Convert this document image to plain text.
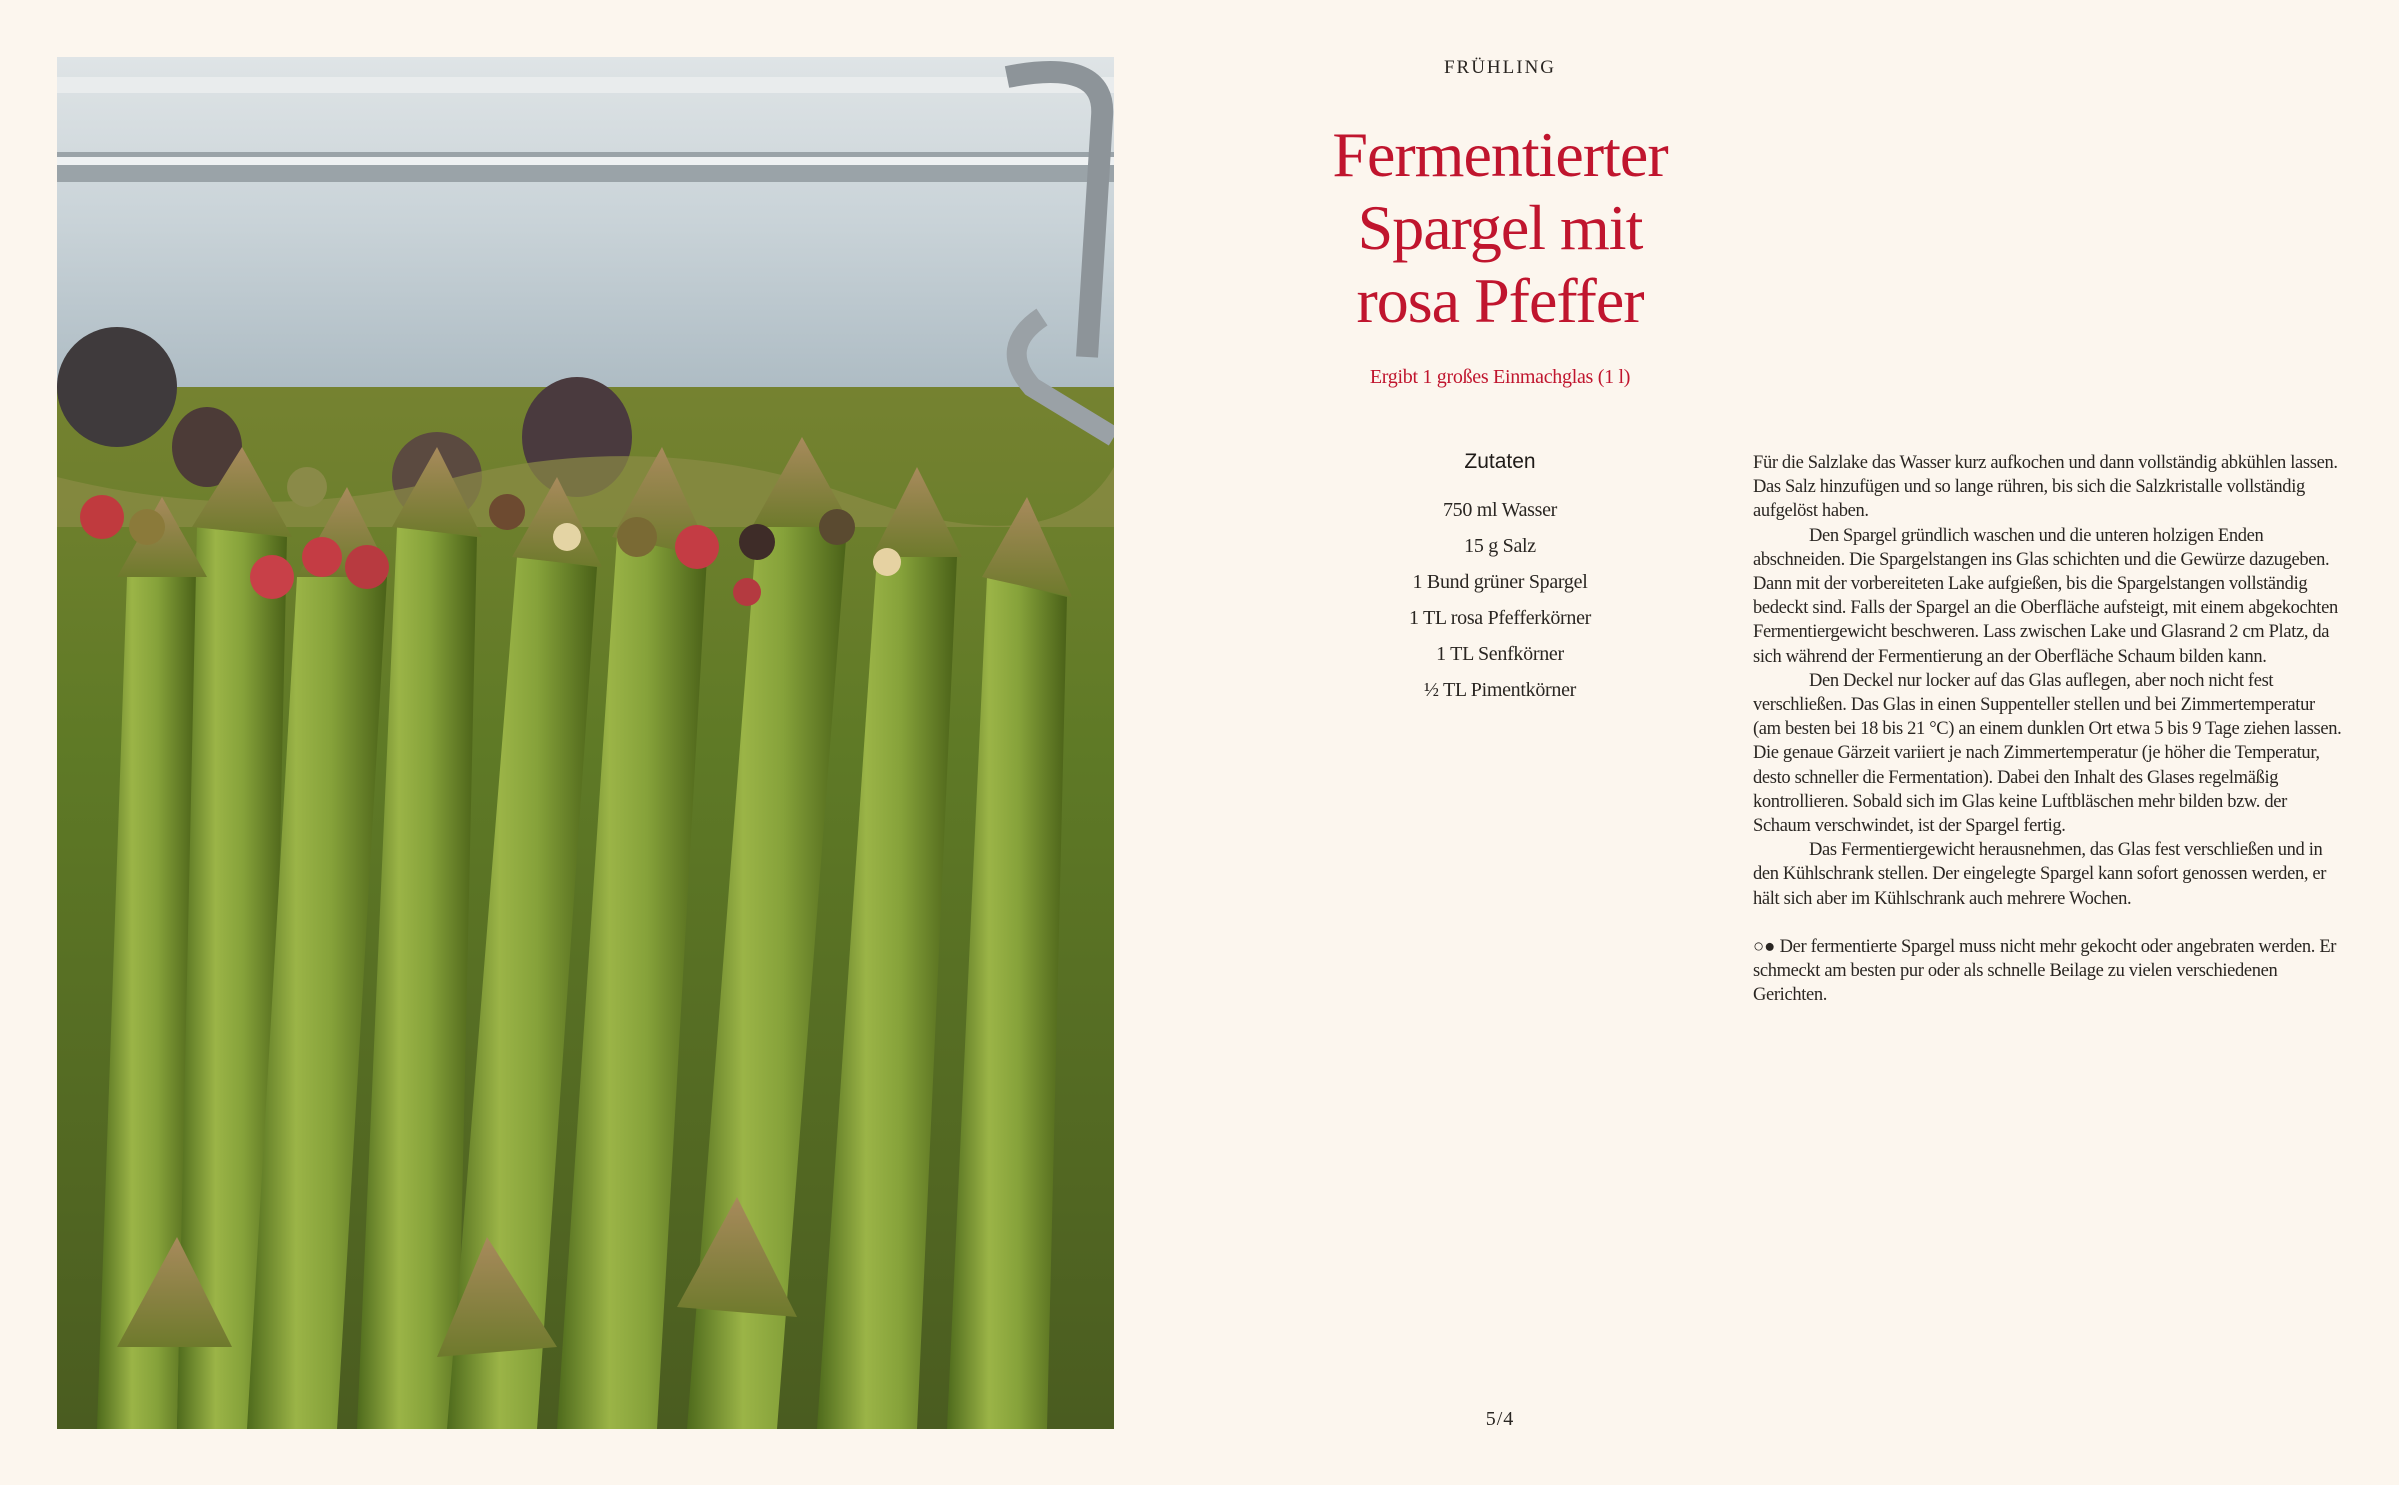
FRÜHLING
Fermentierter
Spargel mit
rosa Pfeffer
Ergibt 1 großes Einmachglas (1 l)
Zutaten
750 ml Wasser
15 g Salz
1 Bund grüner Spargel
1 TL rosa Pfefferkörner
1 TL Senfkörner
½ TL Pimentkörner

Für die Salzlake das Wasser kurz aufkochen und dann vollständig abkühlen lassen. Das Salz hinzufügen und so lange rühren, bis sich die Salzkristalle vollständig aufgelöst haben.

Den Spargel gründlich waschen und die unteren holzigen Enden abschneiden. Die Spargelstangen ins Glas schichten und die Gewürze dazugeben. Dann mit der vorbereiteten Lake aufgießen, bis die Spargelstangen vollständig bedeckt sind. Falls der Spargel an die Oberfläche aufsteigt, mit einem abgekochten Fermentiergewicht beschweren. Lass zwischen Lake und Glasrand 2 cm Platz, da sich während der Fermentierung an der Oberfläche Schaum bilden kann.

Den Deckel nur locker auf das Glas auflegen, aber noch nicht fest verschließen. Das Glas in einen Suppenteller stellen und bei Zimmertemperatur (am besten bei 18 bis 21 °C) an einem dunklen Ort etwa 5 bis 9 Tage ziehen lassen. Die genaue Gärzeit variiert je nach Zimmertemperatur (je höher die Temperatur, desto schneller die Fermentation). Dabei den Inhalt des Glases regelmäßig kontrollieren. Sobald sich im Glas keine Luftbläschen mehr bilden bzw. der Schaum verschwindet, ist der Spargel fertig.

Das Fermentiergewicht herausnehmen, das Glas fest verschließen und in den Kühlschrank stellen. Der eingelegte Spargel kann sofort genossen werden, er hält sich aber im Kühlschrank auch mehrere Wochen.

○● Der fermentierte Spargel muss nicht mehr gekocht oder angebraten werden. Er schmeckt am besten pur oder als schnelle Beilage zu vielen verschiedenen Gerichten.

5/4
